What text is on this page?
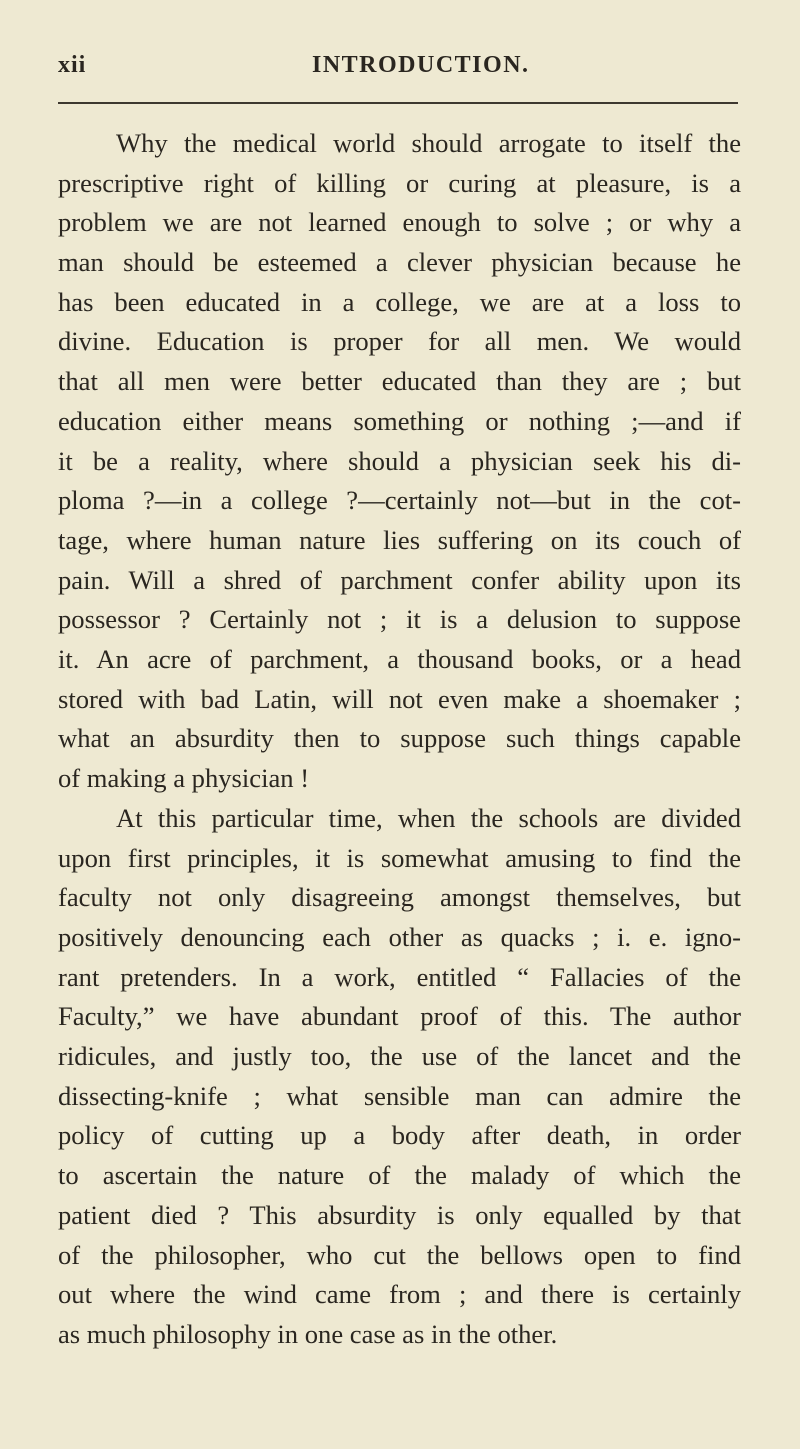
xii	INTRODUCTION.
Why the medical world should arrogate to itself the
prescriptive right of killing or curing at pleasure, is a
problem we are not learned enough to solve ; or why a
man should be esteemed a clever physician because he
has been educated in a college, we are at a loss to
divine. Education is proper for all men. We would
that all men were better educated than they are ; but
education either means something or nothing ;—and if
it be a reality, where should a physician seek his di-
ploma ?—in a college ?—certainly not—but in the cot-
tage, where human nature lies suffering on its couch of
pain. Will a shred of parchment confer ability upon its
possessor ? Certainly not ; it is a delusion to suppose
it. An acre of parchment, a thousand books, or a head
stored with bad Latin, will not even make a shoemaker ;
what an absurdity then to suppose such things capable
of making a physician !
At this particular time, when the schools are divided
upon first principles, it is somewhat amusing to find the
faculty not only disagreeing amongst themselves, but
positively denouncing each other as quacks ; i. e. igno-
rant pretenders. In a work, entitled “ Fallacies of the
Faculty,” we have abundant proof of this. The author
ridicules, and justly too, the use of the lancet and the
dissecting-knife ; what sensible man can admire the
policy of cutting up a body after death, in order
to ascertain the nature of the malady of which the
patient died ? This absurdity is only equalled by that
of the philosopher, who cut the bellows open to find
out where the wind came from ; and there is certainly
as much philosophy in one case as in the other.
